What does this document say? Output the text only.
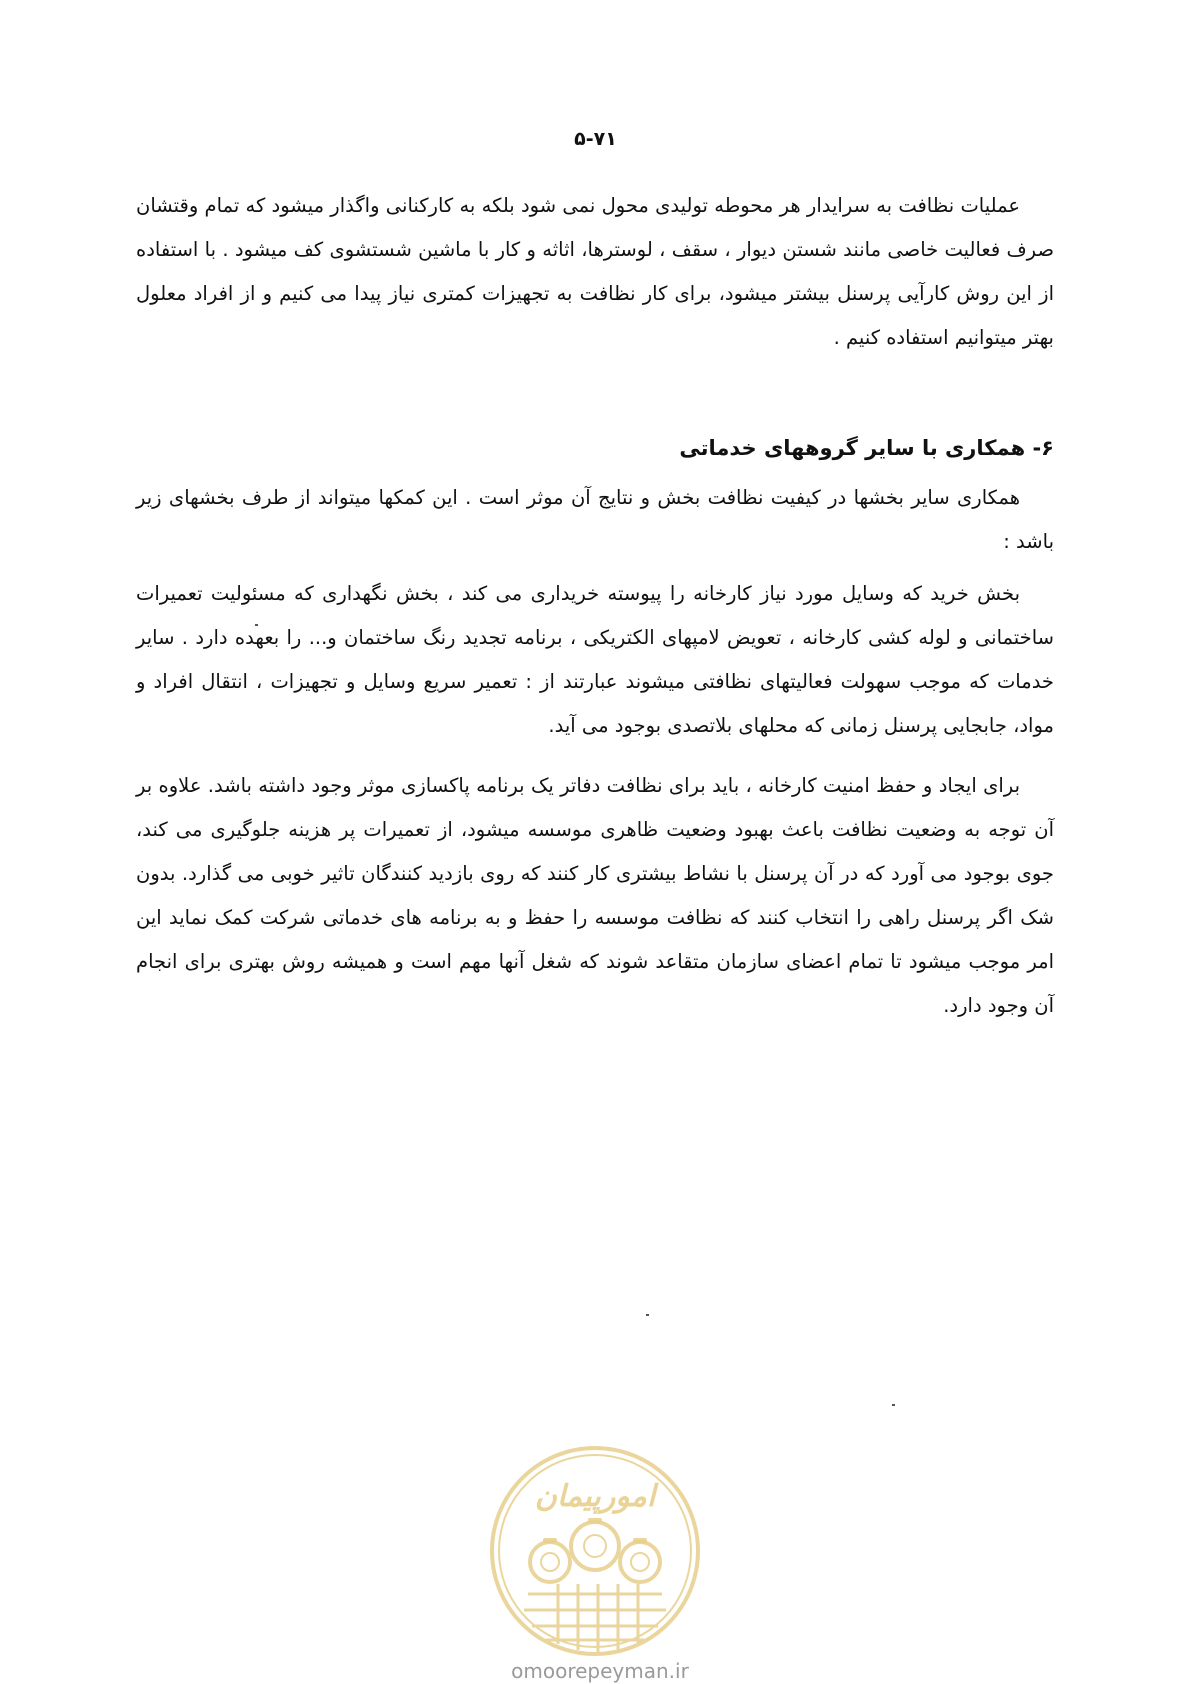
۵-۷۱
عملیات نظافت به سرایدار هر محوطه تولیدی محول نمی شود بلکه به کارکنانی واگذار میشود که تمام وقتشان صرف فعالیت خاصی مانند شستن دیوار ، سقف ، لوسترها، اثاثه و کار با ماشین شستشوی کف میشود . با استفاده از این روش کارآیی پرسنل بیشتر میشود، برای کار نظافت به تجهیزات کمتری نیاز پیدا می کنیم و از افراد معلول بهتر میتوانیم استفاده کنیم .
۶- همکاری با سایر گروههای خدماتی
همکاری سایر بخشها در کیفیت نظافت بخش و نتایج آن موثر است . این کمکها میتواند از طرف بخشهای زیر باشد :
بخش خرید که وسایل مورد نیاز کارخانه را پیوسته خریداری می کند ، بخش نگهداری که مسئولیت تعمیرات ساختمانی و لوله کشی کارخانه ، تعویض لامپهای الکتریکی ، برنامه تجدید رنگ ساختمان و... را بعهده دارد . سایر خدمات که موجب سهولت فعالیتهای نظافتی میشوند عبارتند از : تعمیر سریع وسایل و تجهیزات ، انتقال افراد و مواد، جابجایی پرسنل زمانی که محلهای بلاتصدی بوجود می آید.
برای ایجاد و حفظ امنیت کارخانه ، باید برای نظافت دفاتر یک برنامه پاکسازی موثر وجود داشته باشد. علاوه بر آن توجه به وضعیت نظافت باعث بهبود وضعیت ظاهری موسسه میشود، از تعمیرات پر هزینه جلوگیری می کند، جوی بوجود می آورد که در آن پرسنل با نشاط بیشتری کار کنند که روی بازدید کنندگان تاثیر خوبی می گذارد. بدون شک اگر پرسنل راهی را انتخاب کنند که نظافت موسسه را حفظ و به برنامه های خدماتی شرکت کمک نماید این امر موجب میشود تا تمام اعضای سازمان متقاعد شوند که شغل آنها مهم است و همیشه روش بهتری برای انجام آن وجود دارد.
امورپیمان
omoorepeyman.ir
